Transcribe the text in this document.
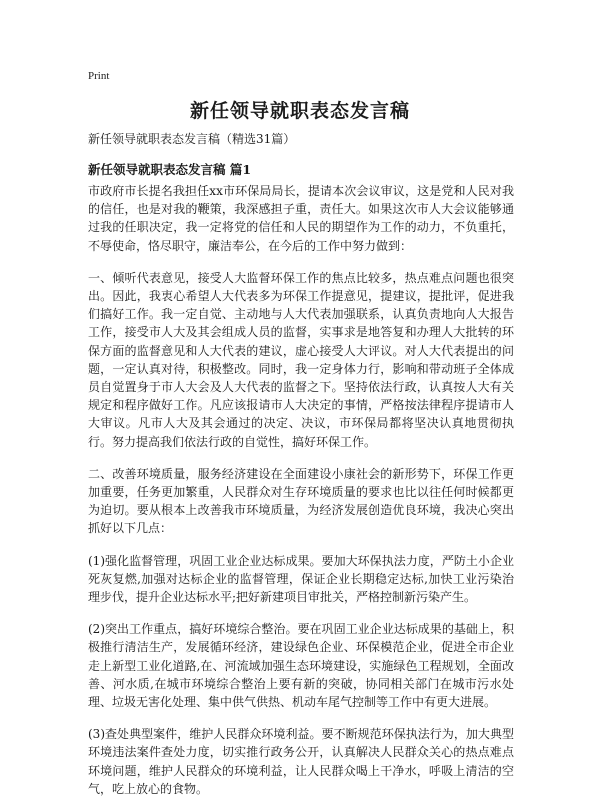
Print
新任领导就职表态发言稿
新任领导就职表态发言稿（精选31篇）
新任领导就职表态发言稿 篇1

市政府市长提名我担任xx市环保局局长，提请本次会议审议，这是党和人民对我的信任，也是对我的鞭策，我深感担子重，责任大。如果这次市人大会议能够通过我的任职决定，我一定将党的信任和人民的期望作为工作的动力，不负重托，不辱使命，恪尽职守，廉洁奉公，在今后的工作中努力做到：

一、倾听代表意见，接受人大监督环保工作的焦点比较多，热点难点问题也很突出。因此，我衷心希望人大代表多为环保工作提意见，提建议，提批评，促进我们搞好工作。我一定自觉、主动地与人大代表加强联系，认真负责地向人大报告工作，接受市人大及其会组成人员的监督，实事求是地答复和办理人大批转的环保方面的监督意见和人大代表的建议，虚心接受人大评议。对人大代表提出的问题，一定认真对待，积极整改。同时，我一定身体力行，影响和带动班子全体成员自觉置身于市人大会及人大代表的监督之下。坚持依法行政，认真按人大有关规定和程序做好工作。凡应该报请市人大决定的事情，严格按法律程序提请市人大审议。凡市人大及其会通过的决定、决议，市环保局都将坚决认真地贯彻执行。努力提高我们依法行政的自觉性，搞好环保工作。

二、改善环境质量，服务经济建设在全面建设小康社会的新形势下，环保工作更加重要，任务更加繁重，人民群众对生存环境质量的要求也比以往任何时候都更为迫切。要从根本上改善我市环境质量，为经济发展创造优良环境，我决心突出抓好以下几点：

(1)强化监督管理，巩固工业企业达标成果。要加大环保执法力度，严防土小企业死灰复燃,加强对达标企业的监督管理，保证企业长期稳定达标,加快工业污染治理步伐，提升企业达标水平;把好新建项目审批关，严格控制新污染产生。

(2)突出工作重点，搞好环境综合整治。要在巩固工业企业达标成果的基础上，积极推行清洁生产，发展循环经济，建设绿色企业、环保模范企业，促进全市企业走上新型工业化道路,在、河流域加强生态环境建设，实施绿色工程规划，全面改善、河水质,在城市环境综合整治上要有新的突破，协同相关部门在城市污水处理、垃圾无害化处理、集中供气供热、机动车尾气控制等工作中有更大进展。

(3)查处典型案件，维护人民群众环境利益。要不断规范环保执法行为，加大典型环境违法案件查处力度，切实推行政务公开，认真解决人民群众关心的热点难点环境问题，维护人民群众的环境利益，让人民群众喝上干净水，呼吸上清洁的空气，吃上放心的食物。
